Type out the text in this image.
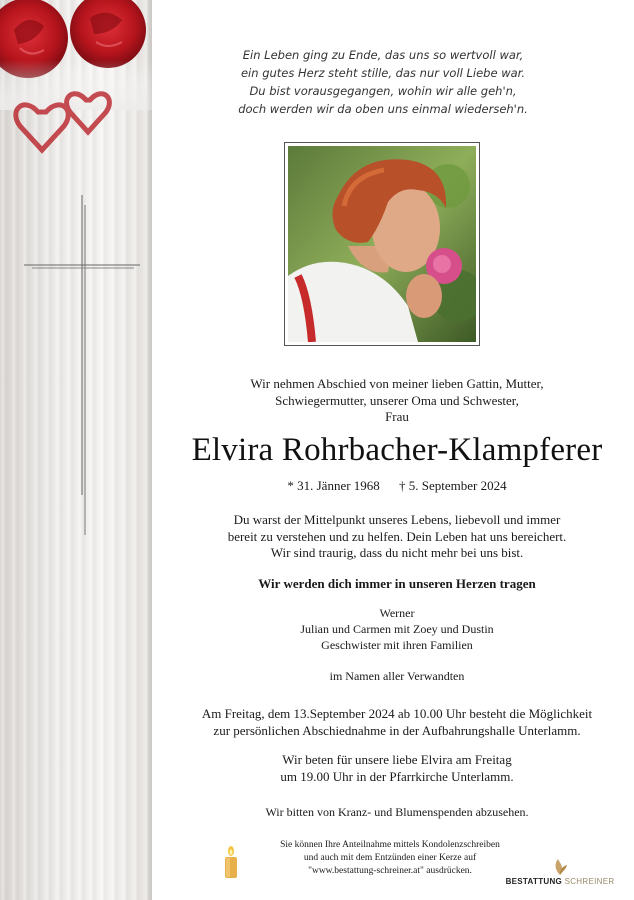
Ein Leben ging zu Ende, das uns so wertvoll war,
ein gutes Herz steht stille, das nur voll Liebe war.
Du bist vorausgegangen, wohin wir alle geh'n,
doch werden wir da oben uns einmal wiederseh'n.
Wir nehmen Abschied von meiner lieben Gattin, Mutter,
Schwiegermutter, unserer Oma und Schwester,
Frau
Elvira Rohrbacher-Klampferer
* 31. Jänner 1968 † 5. September 2024
Du warst der Mittelpunkt unseres Lebens, liebevoll und immer
bereit zu verstehen und zu helfen. Dein Leben hat uns bereichert.
Wir sind traurig, dass du nicht mehr bei uns bist.
Wir werden dich immer in unseren Herzen tragen
Werner
Julian und Carmen mit Zoey und Dustin
Geschwister mit ihren Familien
im Namen aller Verwandten
Am Freitag, dem 13.September 2024 ab 10.00 Uhr besteht die Möglichkeit
zur persönlichen Abschiednahme in der Aufbahrungshalle Unterlamm.
Wir beten für unsere liebe Elvira am Freitag
um 19.00 Uhr in der Pfarrkirche Unterlamm.
Wir bitten von Kranz- und Blumenspenden abzusehen.
Sie können Ihre Anteilnahme mittels Kondolenzschreiben
und auch mit dem Entzünden einer Kerze auf
"www.bestattung-schreiner.at" ausdrücken.
BESTATTUNG SCHREINER
